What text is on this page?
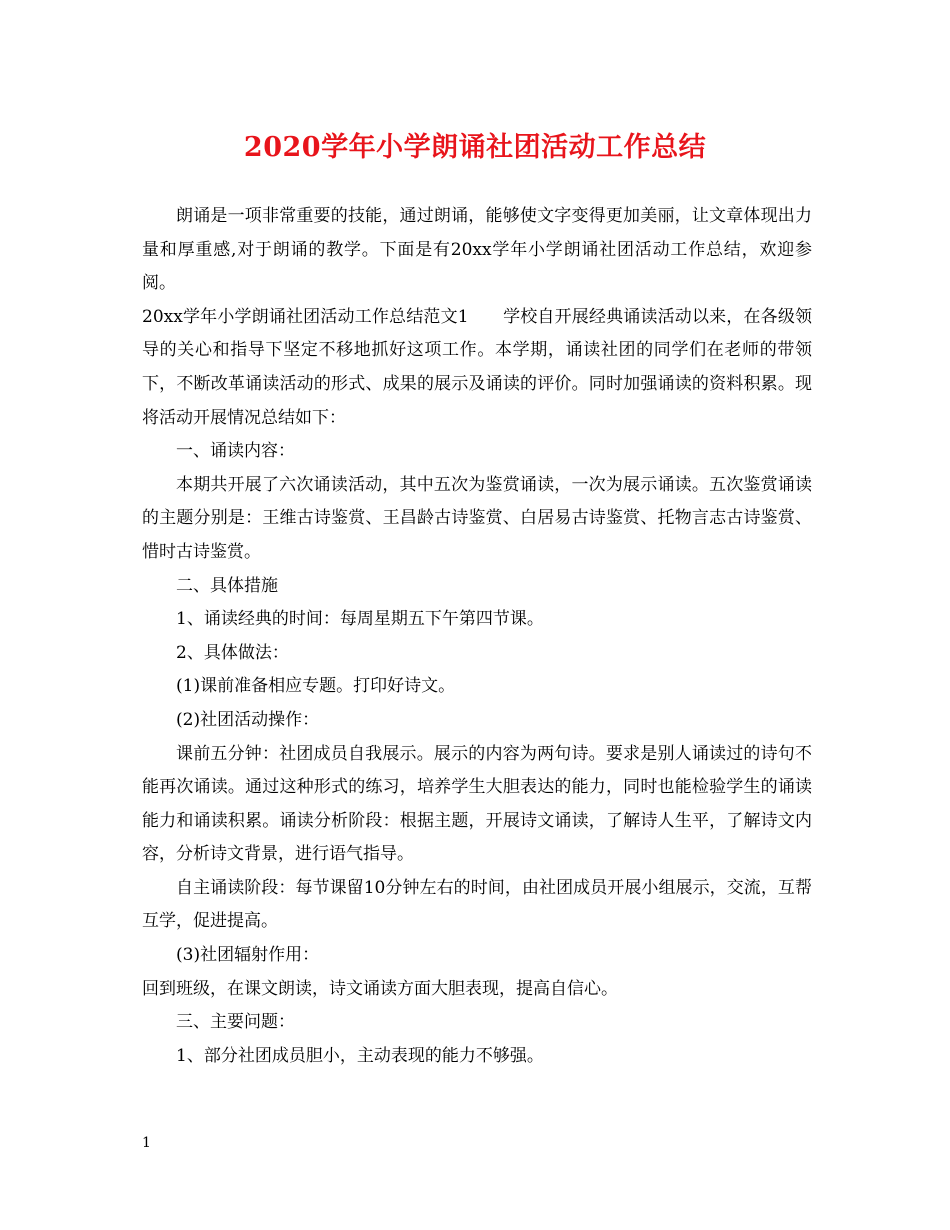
2020学年小学朗诵社团活动工作总结

朗诵是一项非常重要的技能，通过朗诵，能够使文字变得更加美丽，让文章体现出力量和厚重感,对于朗诵的教学。下面是有20xx学年小学朗诵社团活动工作总结，欢迎参阅。

20xx学年小学朗诵社团活动工作总结范文1　　学校自开展经典诵读活动以来，在各级领导的关心和指导下坚定不移地抓好这项工作。本学期，诵读社团的同学们在老师的带领下，不断改革诵读活动的形式、成果的展示及诵读的评价。同时加强诵读的资料积累。现将活动开展情况总结如下：

一、诵读内容：

本期共开展了六次诵读活动，其中五次为鉴赏诵读，一次为展示诵读。五次鉴赏诵读的主题分别是：王维古诗鉴赏、王昌龄古诗鉴赏、白居易古诗鉴赏、托物言志古诗鉴赏、惜时古诗鉴赏。

二、具体措施

1、诵读经典的时间：每周星期五下午第四节课。

2、具体做法：

(1)课前准备相应专题。打印好诗文。

(2)社团活动操作：

课前五分钟：社团成员自我展示。展示的内容为两句诗。要求是别人诵读过的诗句不能再次诵读。通过这种形式的练习，培养学生大胆表达的能力，同时也能检验学生的诵读能力和诵读积累。诵读分析阶段：根据主题，开展诗文诵读，了解诗人生平，了解诗文内容，分析诗文背景，进行语气指导。

自主诵读阶段：每节课留10分钟左右的时间，由社团成员开展小组展示，交流，互帮互学，促进提高。

(3)社团辐射作用：

回到班级，在课文朗读，诗文诵读方面大胆表现，提高自信心。

三、主要问题：

1、部分社团成员胆小，主动表现的能力不够强。

1
